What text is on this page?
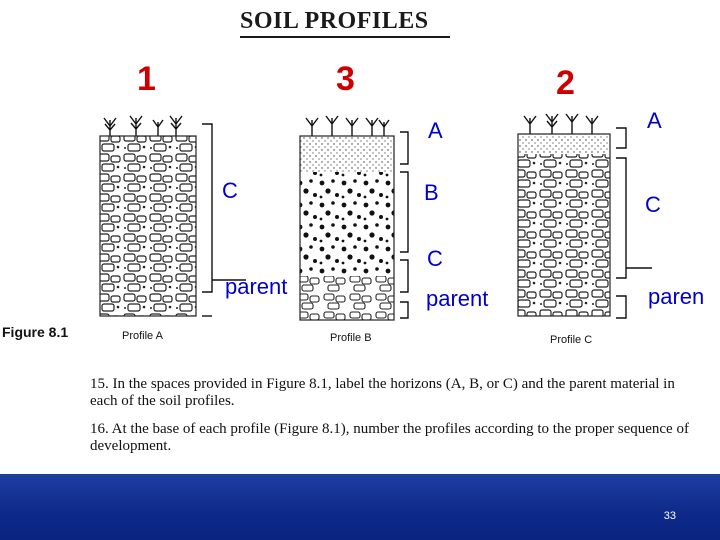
SOIL PROFILES
1	3	2
C
parent
Profile A
A
B
C
parent
Profile B
A
C
paren
Profile C
Figure 8.1
15. In the spaces provided in Figure 8.1, label the horizons (A, B, or C) and the parent material in each of the soil profiles.
16. At the base of each profile (Figure 8.1), number the profiles according to the proper sequence of development.
33
